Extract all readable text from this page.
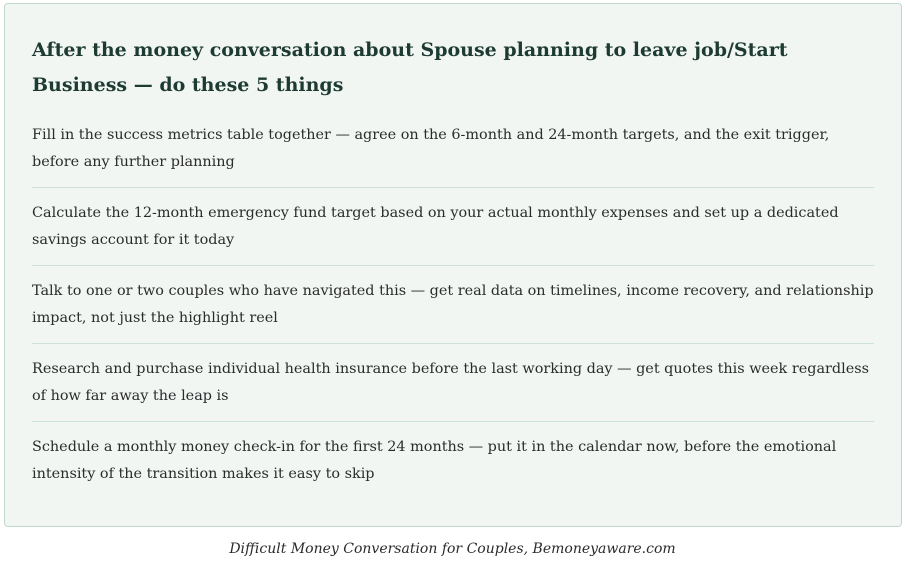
After the money conversation about Spouse planning to leave job/Start Business — do these 5 things
Fill in the success metrics table together — agree on the 6-month and 24-month targets, and the exit trigger, before any further planning
Calculate the 12-month emergency fund target based on your actual monthly expenses and set up a dedicated savings account for it today
Talk to one or two couples who have navigated this — get real data on timelines, income recovery, and relationship impact, not just the highlight reel
Research and purchase individual health insurance before the last working day — get quotes this week regardless of how far away the leap is
Schedule a monthly money check-in for the first 24 months — put it in the calendar now, before the emotional intensity of the transition makes it easy to skip
Difficult Money Conversation for Couples, Bemoneyaware.com
